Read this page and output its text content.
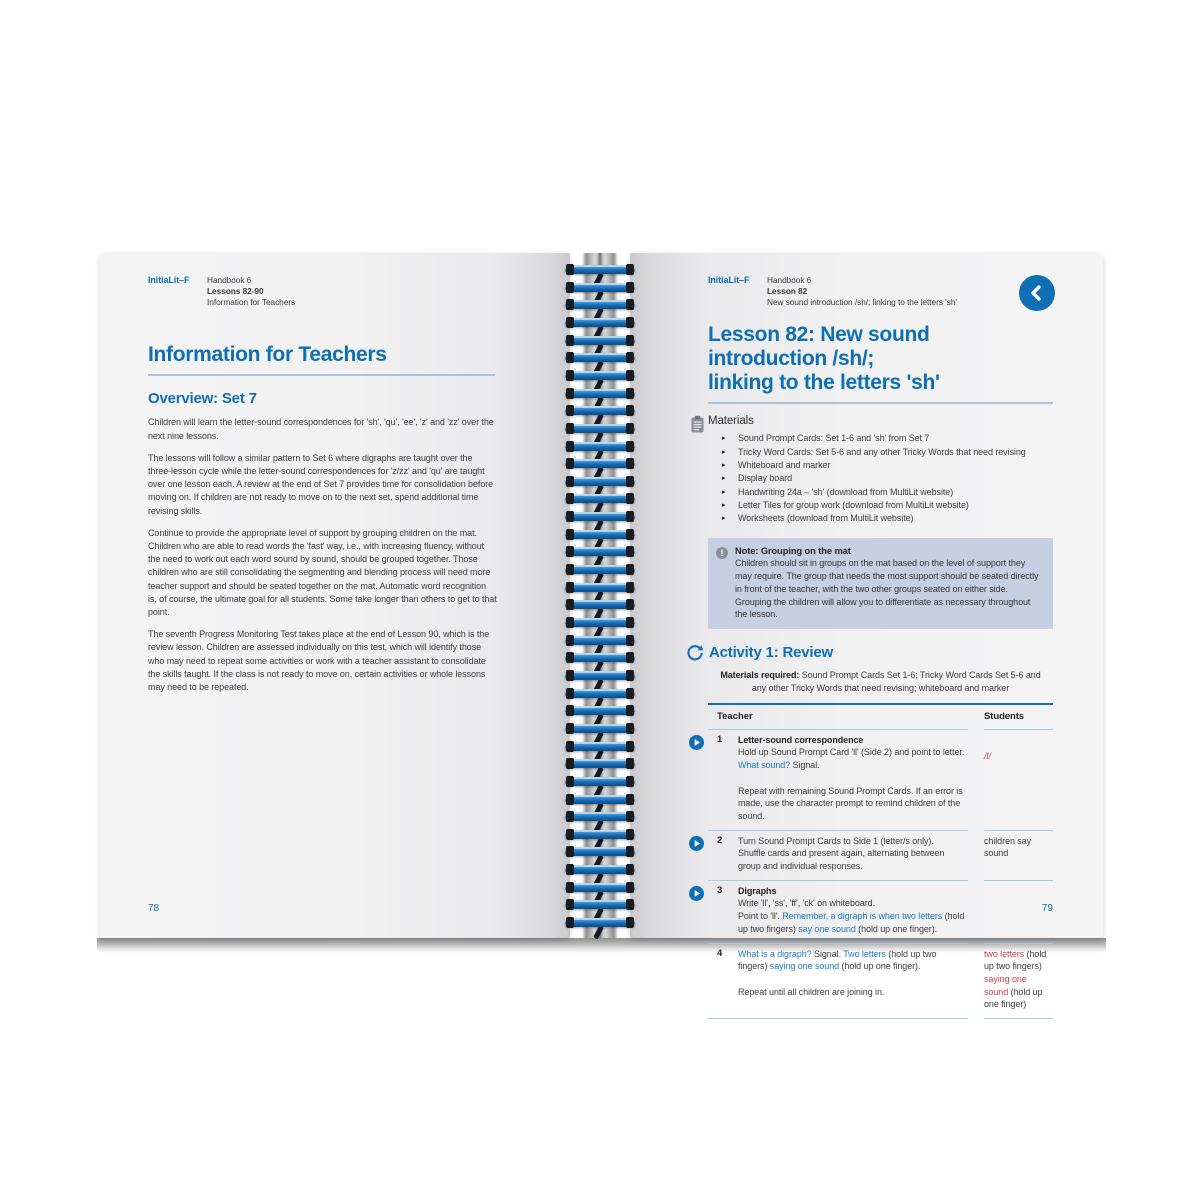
InitiaLit–F	Handbook 6
Lessons 82-90
Information for Teachers
Information for Teachers
Overview: Set 7

Children will learn the letter-sound correspondences for 'sh', 'qu', 'ee', 'z' and 'zz' over the next nine lessons.

The lessons will follow a similar pattern to Set 6 where digraphs are taught over the three-lesson cycle while the letter-sound correspondences for 'z/zz' and 'qu' are taught over one lesson each. A review at the end of Set 7 provides time for consolidation before moving on. If children are not ready to move on to the next set, spend additional time revising skills.

Continue to provide the appropriate level of support by grouping children on the mat. Children who are able to read words the 'fast' way, i.e., with increasing fluency, without the need to work out each word sound by sound, should be grouped together. Those children who are still consolidating the segmenting and blending process will need more teacher support and should be seated together on the mat. Automatic word recognition is, of course, the ultimate goal for all students. Some take longer than others to get to that point.

The seventh Progress Monitoring Test takes place at the end of Lesson 90, which is the review lesson. Children are assessed individually on this test, which will identify those who may need to repeat some activities or work with a teacher assistant to consolidate the skills taught. If the class is not ready to move on, certain activities or whole lessons may need to be repeated.

78
InitiaLit–F	Handbook 6
Lesson 82
New sound introduction /sh/; linking to the letters 'sh'
Lesson 82: New sound introduction /sh/;
linking to the letters 'sh'
Materials
▸ Sound Prompt Cards: Set 1-6 and 'sh' from Set 7
▸ Tricky Word Cards: Set 5-6 and any other Tricky Words that need revising
▸ Whiteboard and marker
▸ Display board
▸ Handwriting 24a – 'sh' (download from MultiLit website)
▸ Letter Tiles for group work (download from MultiLit website)
▸ Worksheets (download from MultiLit website)
!	Note: Grouping on the mat
Children should sit in groups on the mat based on the level of support they may require. The group that needs the most support should be seated directly in front of the teacher, with the two other groups seated on either side. Grouping the children will allow you to differentiate as necessary throughout the lesson.
Activity 1: Review
Materials required: Sound Prompt Cards Set 1-6; Tricky Word Cards Set 5-6 and any other Tricky Words that need revising; whiteboard and marker
Teacher	Students
1	Letter-sound correspondence
Hold up Sound Prompt Card 'll' (Side 2) and point to letter.
What sound? Signal.

Repeat with remaining Sound Prompt Cards. If an error is made, use the character prompt to remind children of the sound.
/l/
2	Turn Sound Prompt Cards to Side 1 (letter/s only).
Shuffle cards and present again, alternating between group and individual responses.
children say sound
3	Digraphs
Write 'll', 'ss', 'ff', 'ck' on whiteboard.
Point to 'll'. Remember, a digraph is when two letters (hold up two fingers) say one sound (hold up one finger).
4	What is a digraph? Signal. Two letters (hold up two fingers) saying one sound (hold up one finger).

Repeat until all children are joining in.
two letters (hold up two fingers) saying one sound (hold up one finger)
79
